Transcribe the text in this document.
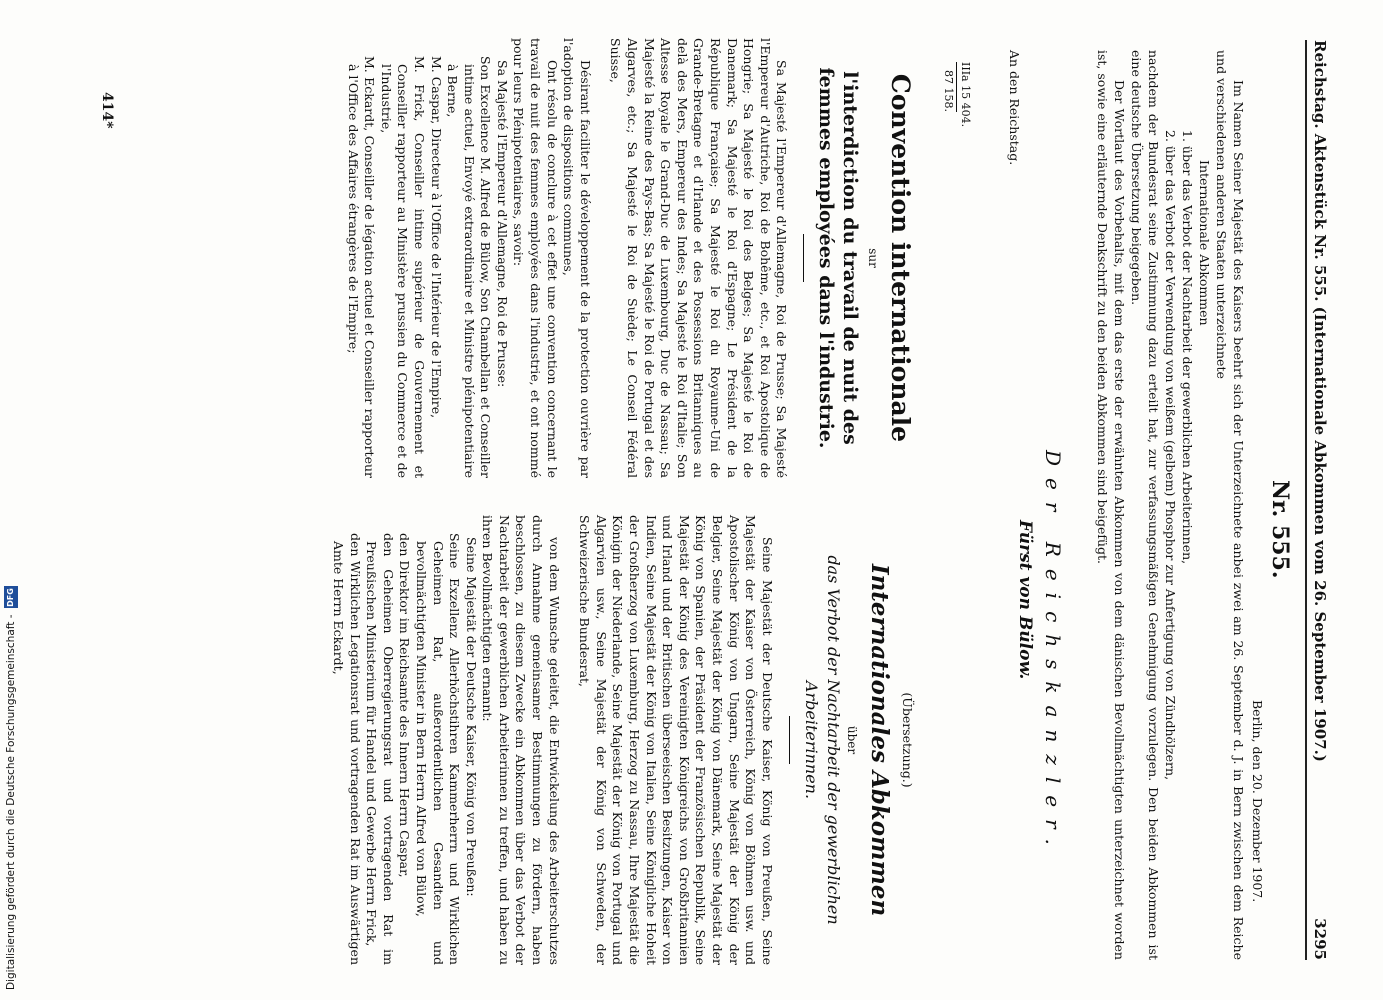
Reichstag. Aktenstück Nr. 555. (Internationale Abkommen vom 26. September 1907.)
3295
Nr. 555.
Berlin, den 20. Dezember 1907.

Im Namen Seiner Majestät des Kaisers beehrt sich der Unterzeichnete anbei zwei am 26. September d. J. in Bern zwischen dem Reiche und verschiedenen anderen Staaten unterzeichnete

Internationale Abkommen
1. über das Verbot der Nachtarbeit der gewerblichen Arbeiterinnen,
2. über das Verbot der Verwendung von weißem (gelbem) Phosphor zur Anfertigung von Zündhölzern,

nachdem der Bundesrat seine Zustimmung dazu erteilt hat, zur verfassungsmäßigen Genehmigung vorzulegen. Den beiden Abkommen ist eine deutsche Übersetzung beigegeben.

Der Wortlaut des Vorbehalts, mit dem das erste der erwähnten Abkommen von dem dänischen Bevollmächtigten unterzeichnet worden ist, sowie eine erläuternde Denkschrift zu den beiden Abkommen sind beigefügt.

Der Reichskanzler.
Fürst von Bülow.
An den Reichstag.
IIIa 15 404.
87 158.
Convention internationale
sur
l'interdiction du travail de nuit des femmes employées dans l'industrie.

Sa Majesté l'Empereur d'Allemagne, Roi de Prusse; Sa Majesté l'Empereur d'Autriche, Roi de Bohême, etc., et Roi Apostolique de Hongrie; Sa Majesté le Roi des Belges; Sa Majesté le Roi de Danemark; Sa Majesté le Roi d'Espagne; Le Président de la République Française; Sa Majesté le Roi du Royaume-Uni de Grande-Bretagne et d'Irlande et des Possessions Britanniques au delà des Mers, Empereur des Indes; Sa Majesté le Roi d'Italie; Son Altesse Royale le Grand-Duc de Luxembourg, Duc de Nassau; Sa Majesté la Reine des Pays-Bas; Sa Majesté le Roi de Portugal et des Algarves, etc.; Sa Majesté le Roi de Suède; Le Conseil Fédéral Suisse,

Désirant faciliter le développement de la protection ouvrière par l'adoption de dispositions communes,

Ont résolu de conclure à cet effet une convention concernant le travail de nuit des femmes employées dans l'industrie, et ont nommé pour leurs Plénipotentiaires, savoir:

Sa Majesté l'Empereur d'Allemagne, Roi de Prusse:

Son Excellence M. Alfred de Bülow, Son Chambellan et Conseiller intime actuel, Envoyé extraordinaire et Ministre plénipotentiaire à Berne,

M. Caspar, Directeur à l'Office de l'Intérieur de l'Empire,

M. Frick, Conseiller intime supérieur de Gouvernement et Conseiller rapporteur au Ministère prussien du Commerce et de l'Industrie,

M. Eckardt, Conseiller de légation actuel et Conseiller rapporteur à l'Office des Affaires étrangères de l'Empire;

(Übersetzung.)
Internationales Abkommen
über
das Verbot der Nachtarbeit der gewerblichen Arbeiterinnen.

Seine Majestät der Deutsche Kaiser, König von Preußen, Seine Majestät der Kaiser von Österreich, König von Böhmen usw. und Apostolischer König von Ungarn, Seine Majestät der König der Belgier, Seine Majestät der König von Dänemark, Seine Majestät der König von Spanien, der Präsident der Französischen Republik, Seine Majestät der König des Vereinigten Königreichs von Großbritannien und Irland und der Britischen überseeischen Besitzungen, Kaiser von Indien, Seine Majestät der König von Italien, Seine Königliche Hoheit der Großherzog von Luxemburg, Herzog zu Nassau, Ihre Majestät die Königin der Niederlande, Seine Majestät der König von Portugal und Algarvien usw., Seine Majestät der König von Schweden, der Schweizerische Bundesrat,

von dem Wunsche geleitet, die Entwickelung des Arbeiterschutzes durch Annahme gemeinsamer Bestimmungen zu fördern, haben beschlossen, zu diesem Zwecke ein Abkommen über das Verbot der Nachtarbeit der gewerblichen Arbeiterinnen zu treffen, und haben zu ihren Bevollmächtigten ernannt:

Seine Majestät der Deutsche Kaiser, König von Preußen:

Seine Exzellenz Allerhöchstihren Kammerherrn und Wirklichen Geheimen Rat, außerordentlichen Gesandten und bevollmächtigten Minister in Bern Herrn Alfred von Bülow,

den Direktor im Reichsamte des Innern Herrn Caspar,

den Geheimen Oberregierungsrat und vortragenden Rat im Preußischen Ministerium für Handel und Gewerbe Herrn Frick,

den Wirklichen Legationsrat und vortragenden Rat im Auswärtigen Amte Herrn Eckardt,

414*
Digitalisierung gefördert durch die Deutsche Forschungsgemeinschaft -
DFG
